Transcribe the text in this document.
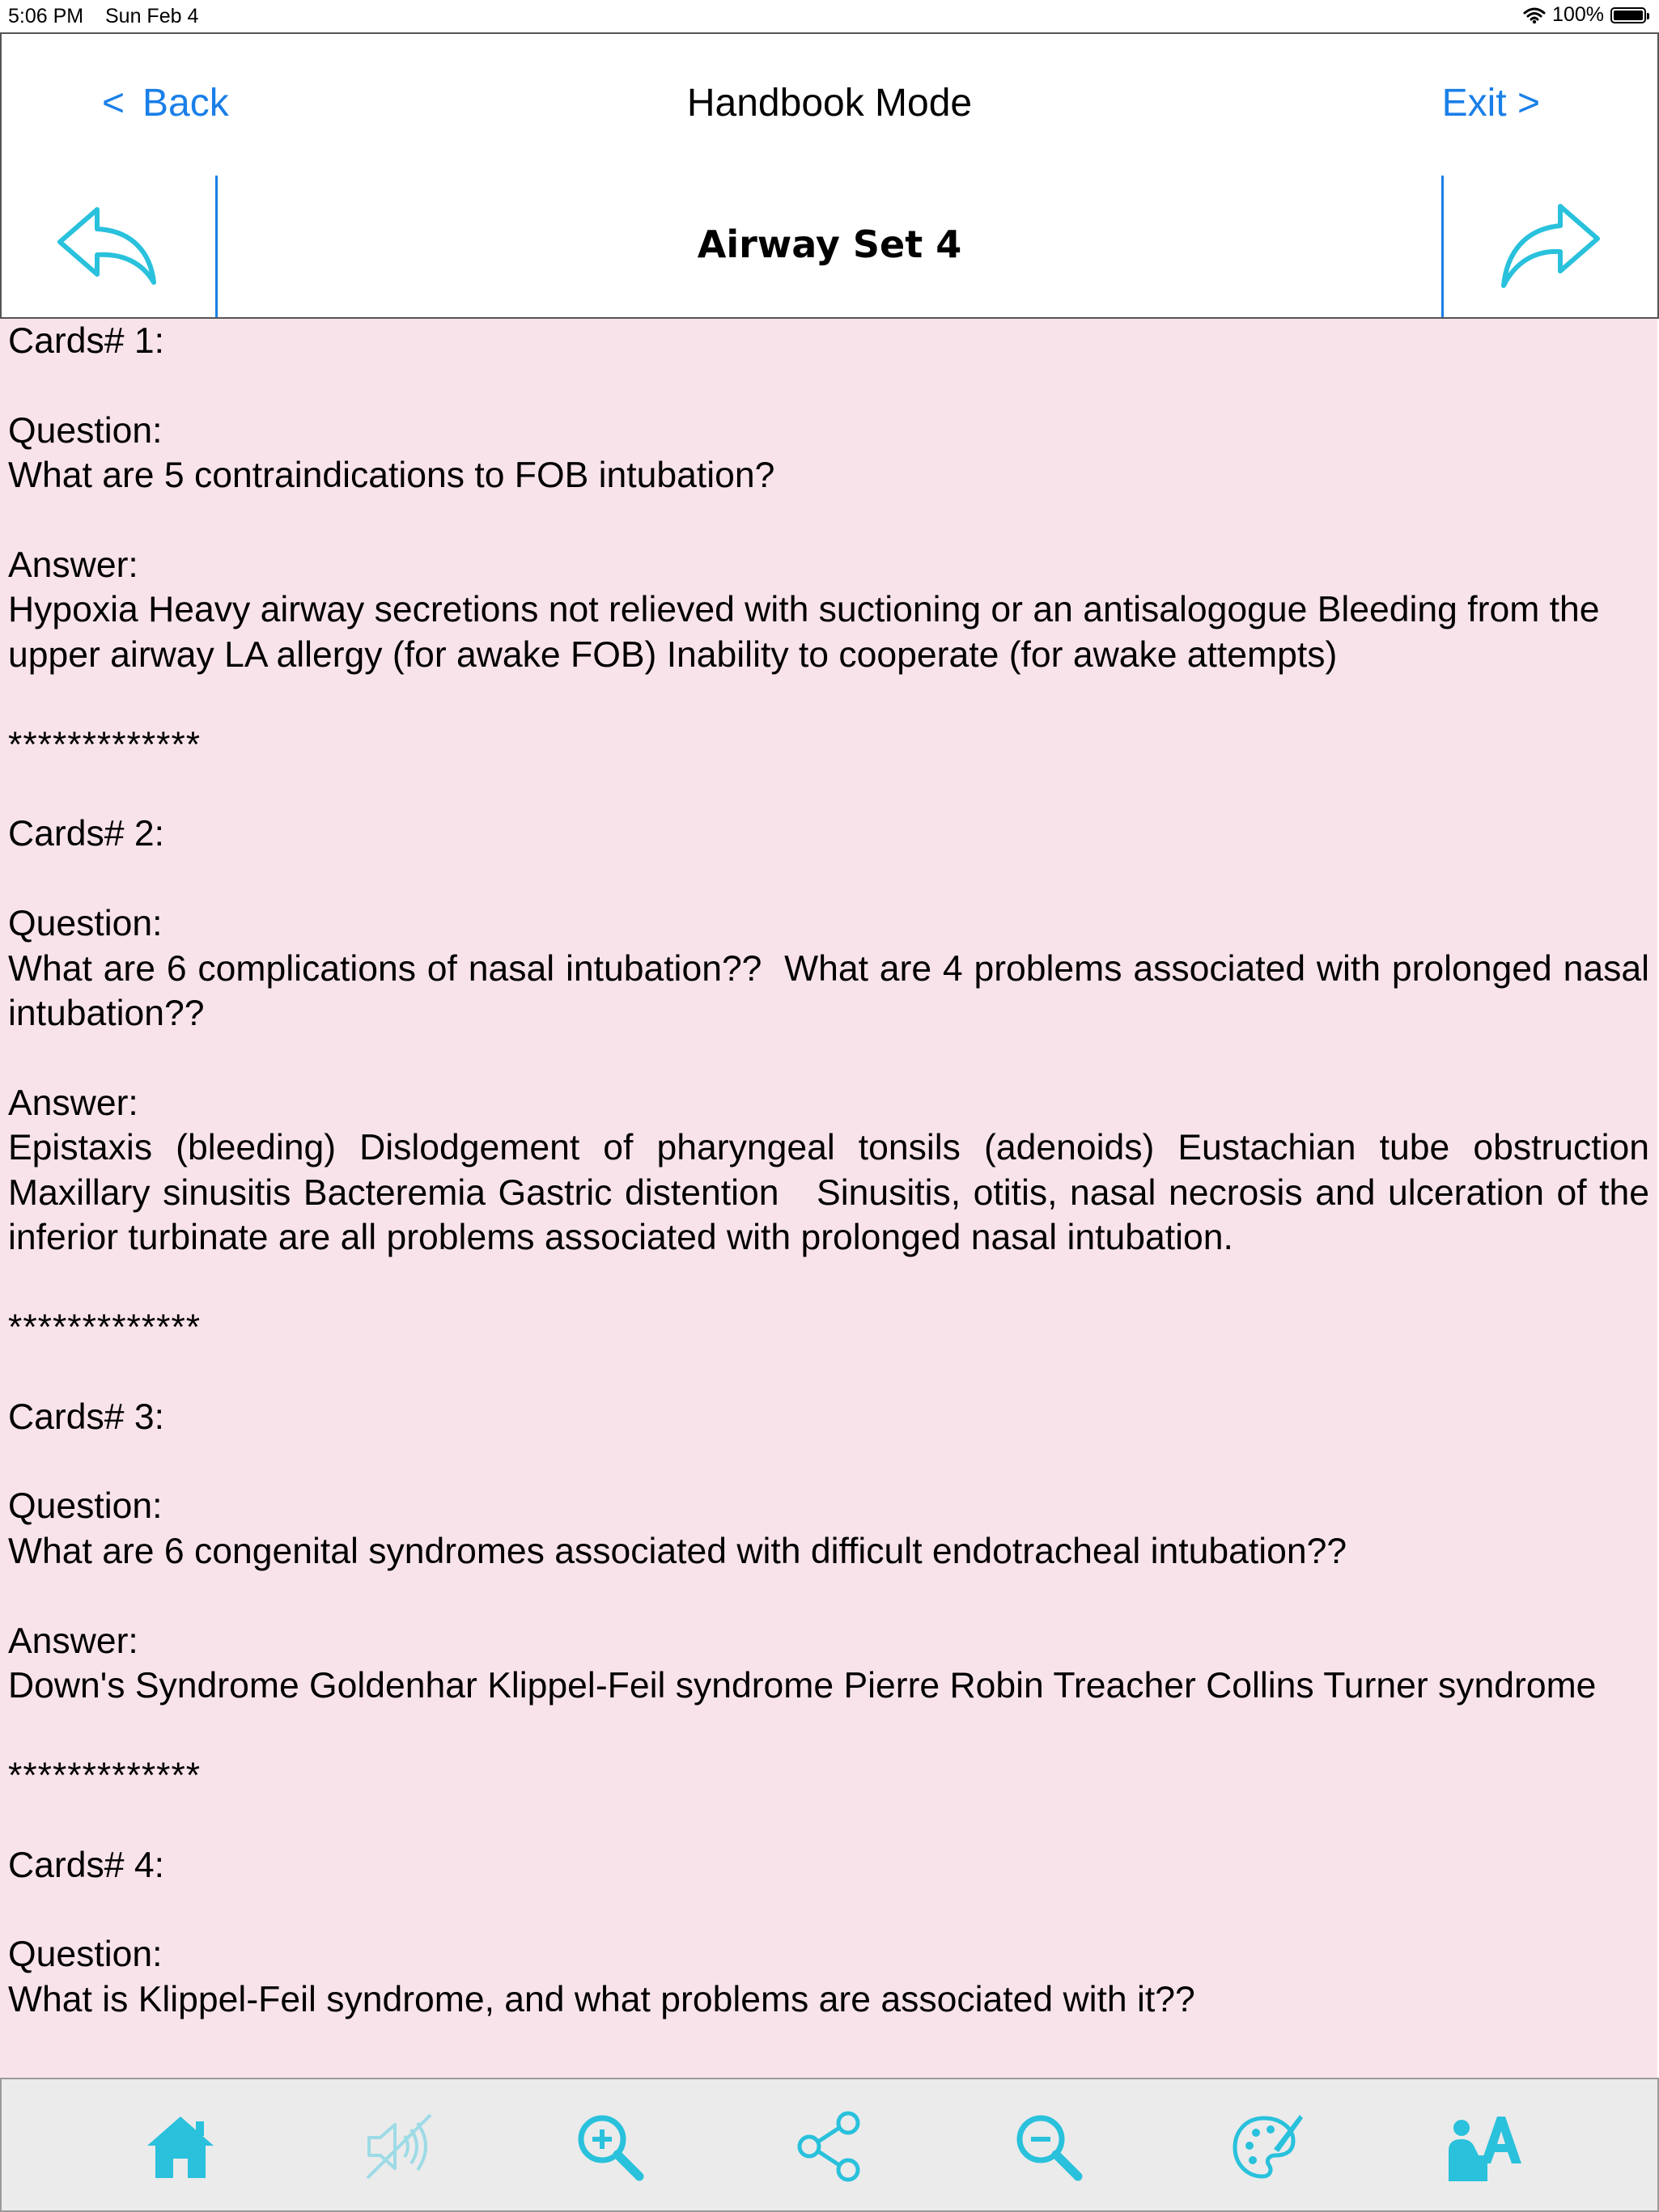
5:06 PM Sun Feb 4	100%
< Back	Handbook Mode	Exit >
Airway Set 4
Cards# 1:
Question:
What are 5 contraindications to FOB intubation?
Answer:
Hypoxia Heavy airway secretions not relieved with suctioning or an antisalogogue Bleeding from the upper airway LA allergy (for awake FOB) Inability to cooperate (for awake attempts)
*************
Cards# 2:
Question:
What are 6 complications of nasal intubation??  What are 4 problems associated with prolonged nasal intubation??
Answer:
Epistaxis (bleeding) Dislodgement of pharyngeal tonsils (adenoids) Eustachian tube obstruction Maxillary sinusitis Bacteremia Gastric distention   Sinusitis, otitis, nasal necrosis and ulceration of the inferior turbinate are all problems associated with prolonged nasal intubation.
*************
Cards# 3:
Question:
What are 6 congenital syndromes associated with difficult endotracheal intubation??
Answer:
Down's Syndrome Goldenhar Klippel-Feil syndrome Pierre Robin Treacher Collins Turner syndrome
*************
Cards# 4:
Question:
What is Klippel-Feil syndrome, and what problems are associated with it??
